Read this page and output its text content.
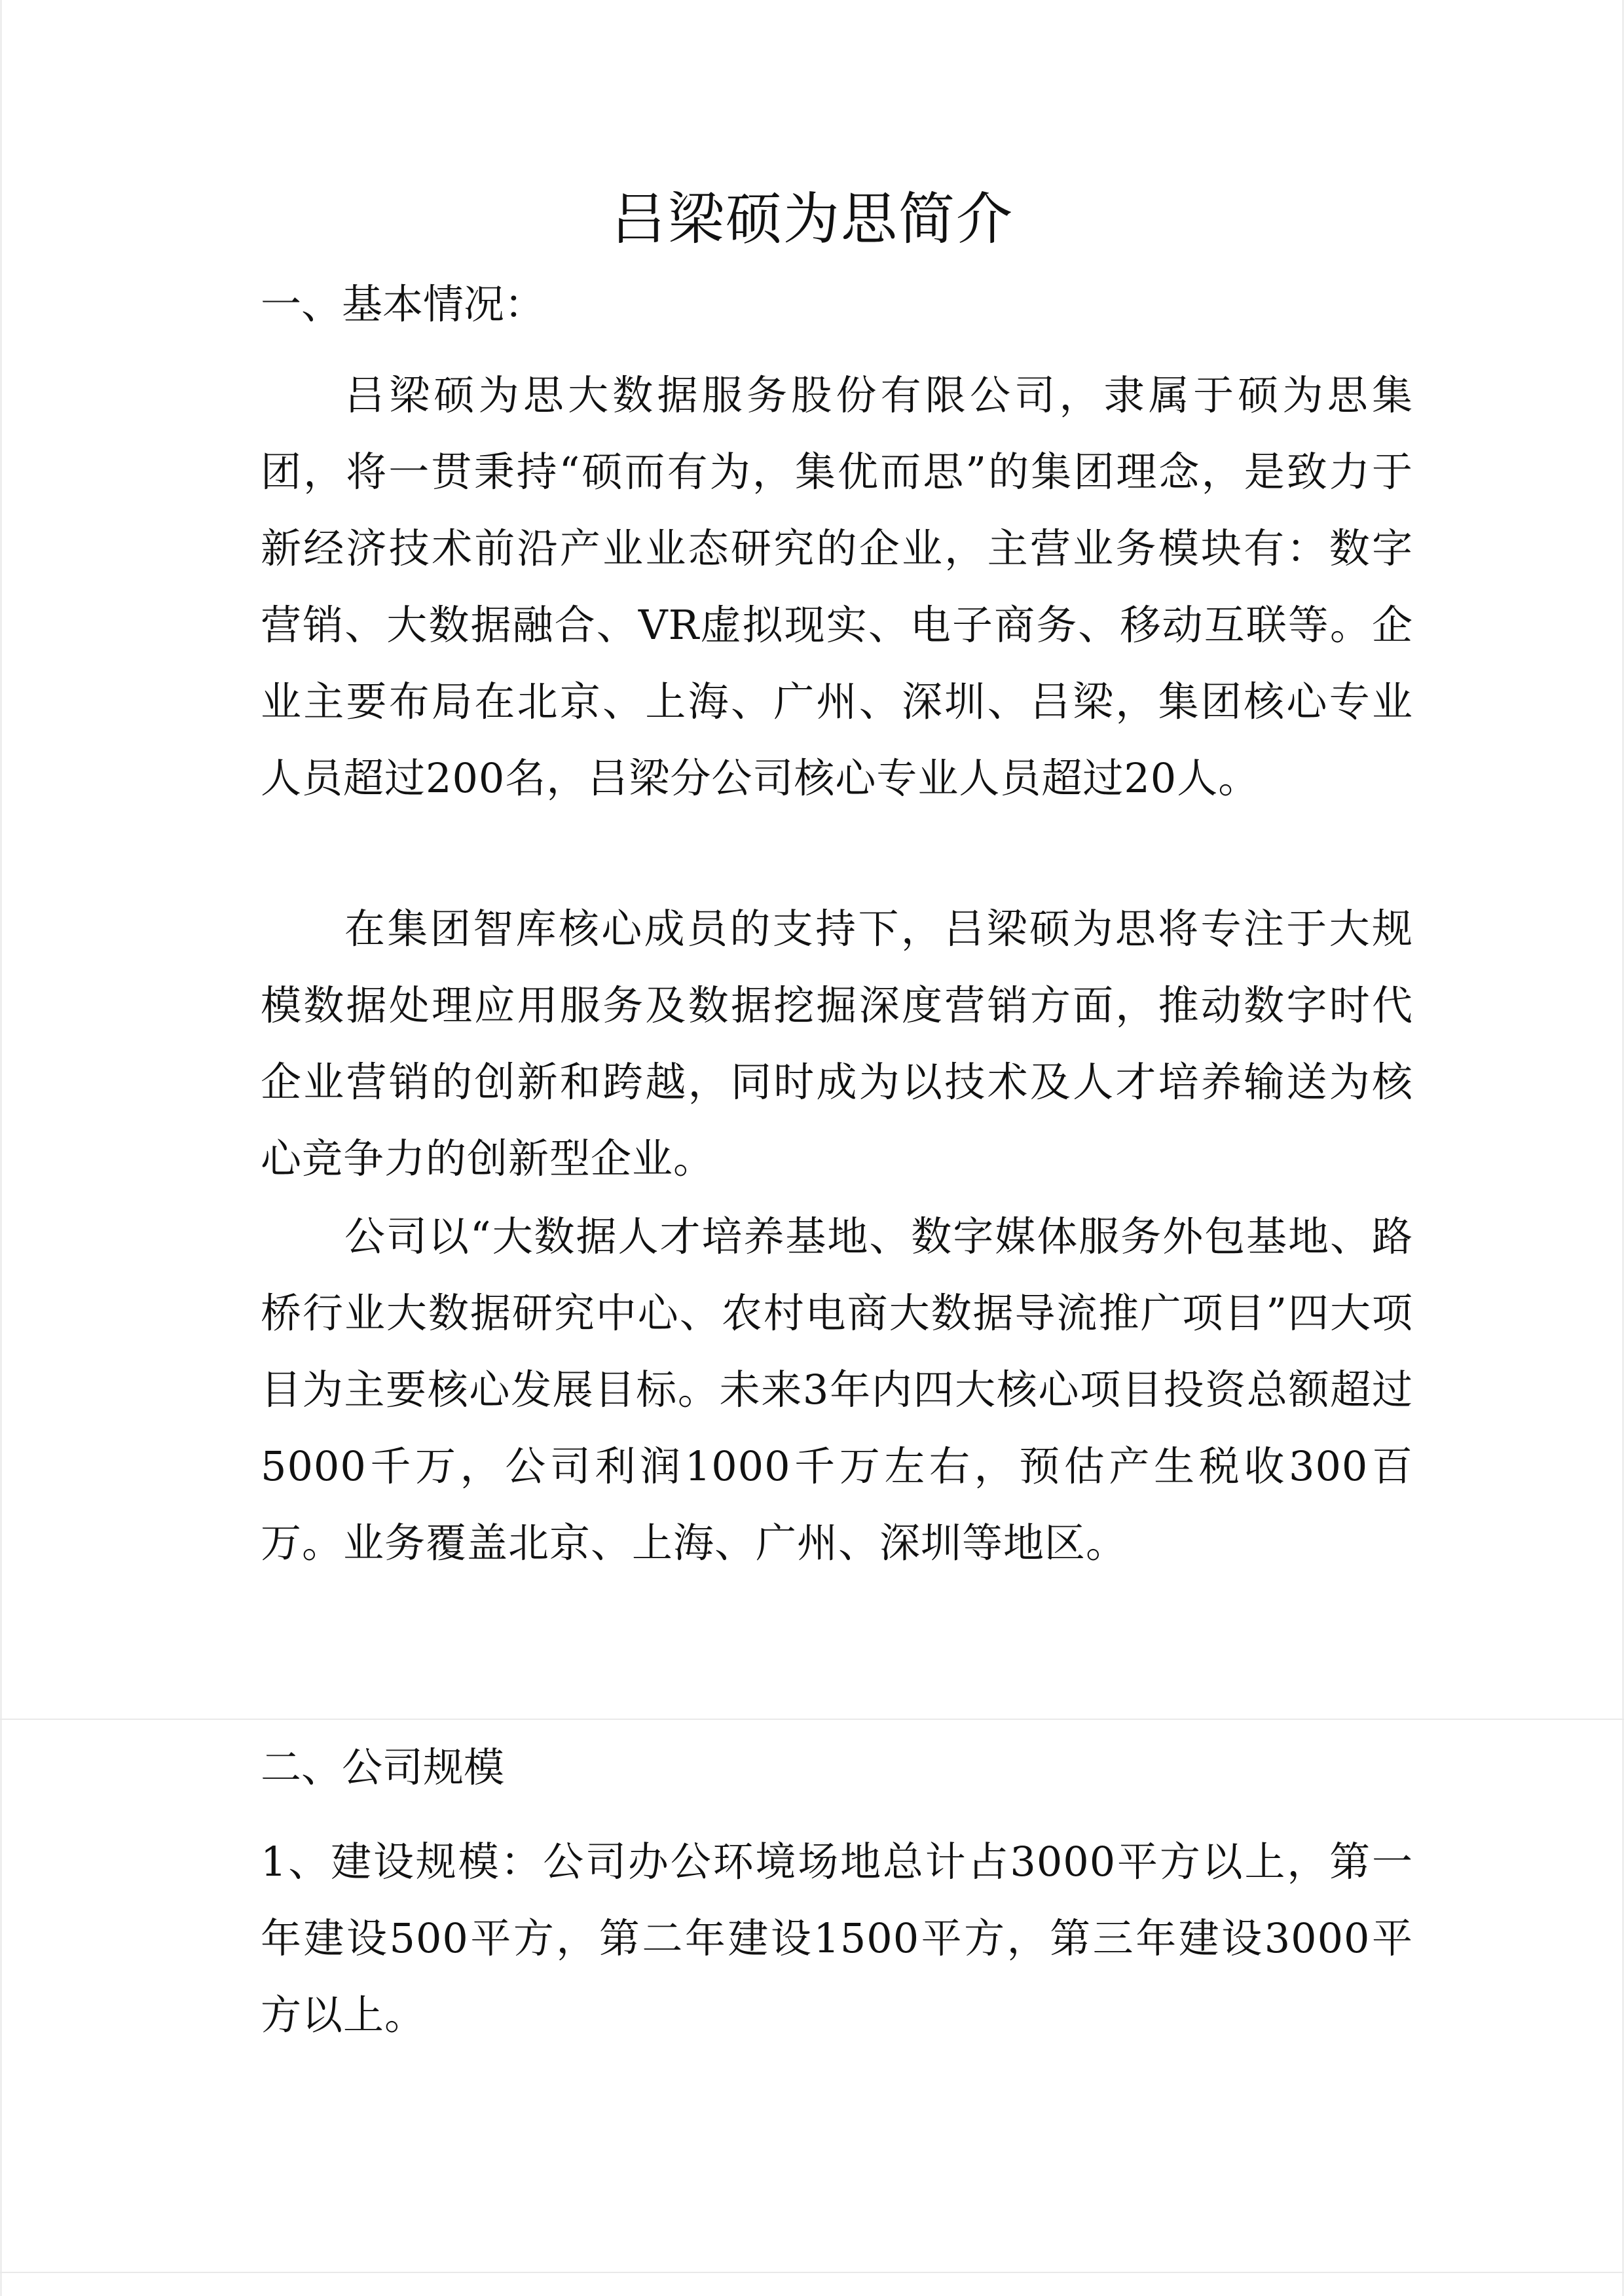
吕梁硕为思简介
一、基本情况：

吕梁硕为思大数据服务股份有限公司，隶属于硕为思集团，将一贯秉持“硕而有为，集优而思”的集团理念，是致力于新经济技术前沿产业业态研究的企业，主营业务模块有：数字营销、大数据融合、VR虚拟现实、电子商务、移动互联等。企业主要布局在北京、上海、广州、深圳、吕梁，集团核心专业人员超过200名，吕梁分公司核心专业人员超过20人。

在集团智库核心成员的支持下，吕梁硕为思将专注于大规模数据处理应用服务及数据挖掘深度营销方面，推动数字时代企业营销的创新和跨越，同时成为以技术及人才培养输送为核心竞争力的创新型企业。

公司以“大数据人才培养基地、数字媒体服务外包基地、路桥行业大数据研究中心、农村电商大数据导流推广项目”四大项目为主要核心发展目标。未来3年内四大核心项目投资总额超过5000千万，公司利润1000千万左右，预估产生税收300百万。业务覆盖北京、上海、广州、深圳等地区。

二、公司规模

1、建设规模：公司办公环境场地总计占3000平方以上，第一年建设500平方，第二年建设1500平方，第三年建设3000平方以上。
